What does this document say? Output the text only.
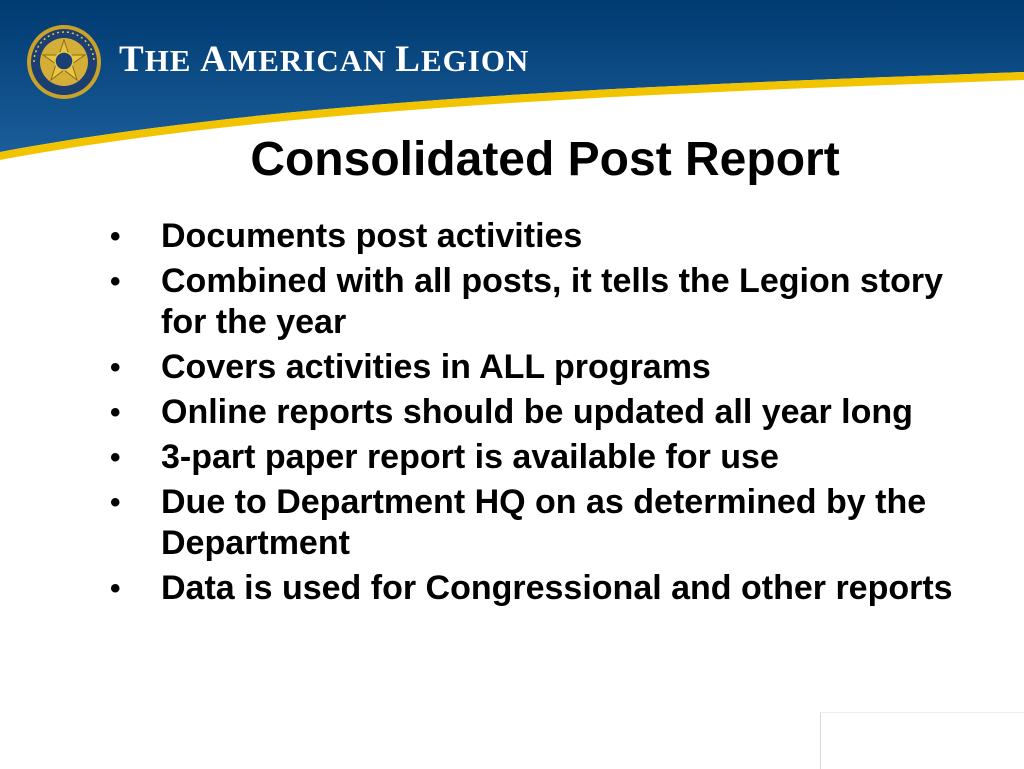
THE AMERICAN LEGION
Consolidated Post Report
• Documents post activities
• Combined with all posts, it tells the Legion story for the year
• Covers activities in ALL programs
• Online reports should be updated all year long
• 3-part paper report is available for use
• Due to Department HQ on as determined by the Department
• Data is used for Congressional and other reports
